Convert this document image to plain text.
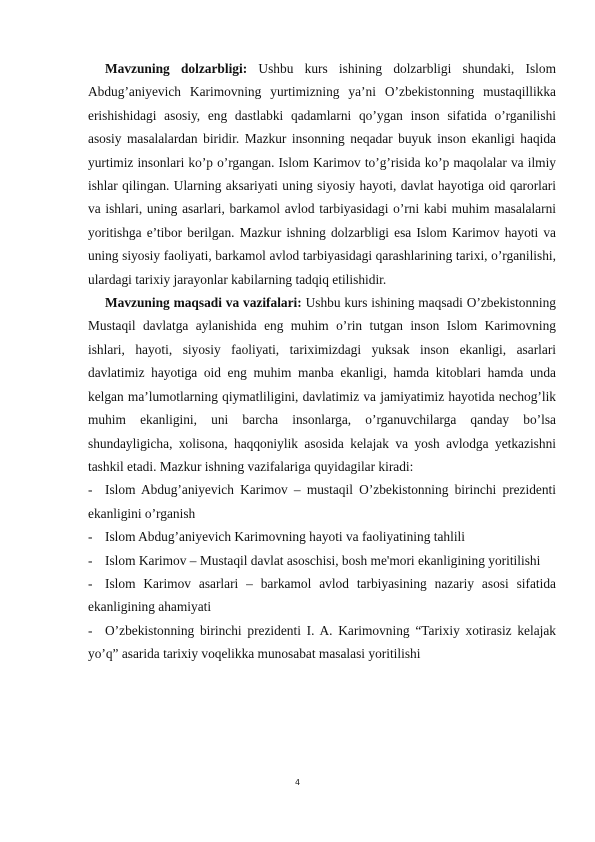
Mavzuning dolzarbligi: Ushbu kurs ishining dolzarbligi shundaki, Islom Abdug’aniyevich Karimovning yurtimizning ya’ni O’zbekistonning mustaqillikka erishishidagi asosiy, eng dastlabki qadamlarni qo’ygan inson sifatida o’rganilishi asosiy masalalardan biridir. Mazkur insonning neqadar buyuk inson ekanligi haqida yurtimiz insonlari ko’p o’rgangan. Islom Karimov to’g’risida ko’p maqolalar va ilmiy ishlar qilingan. Ularning aksariyati uning siyosiy hayoti, davlat hayotiga oid qarorlari va ishlari, uning asarlari, barkamol avlod tarbiyasidagi o’rni kabi muhim masalalarni yoritishga e’tibor berilgan. Mazkur ishning dolzarbligi esa Islom Karimov hayoti va uning siyosiy faoliyati, barkamol avlod tarbiyasidagi qarashlarining tarixi, o’rganilishi, ulardagi tarixiy jarayonlar kabilarning tadqiq etilishidir.

Mavzuning maqsadi va vazifalari: Ushbu kurs ishining maqsadi O’zbekistonning Mustaqil davlatga aylanishida eng muhim o’rin tutgan inson Islom Karimovning ishlari, hayoti, siyosiy faoliyati, tariximizdagi yuksak inson ekanligi, asarlari davlatimiz hayotiga oid eng muhim manba ekanligi, hamda kitoblari hamda unda kelgan ma’lumotlarning qiymatliligini, davlatimiz va jamiyatimiz hayotida nechog’lik muhim ekanligini, uni barcha insonlarga, o’rganuvchilarga qanday bo’lsa shundayligicha, xolisona, haqqoniylik asosida kelajak va yosh avlodga yetkazishni tashkil etadi. Mazkur ishning vazifalariga quyidagilar kiradi:

- Islom Abdug’aniyevich Karimov – mustaqil O’zbekistonning birinchi prezidenti ekanligini o’rganish

- Islom Abdug’aniyevich Karimovning hayoti va faoliyatining tahlili

- Islom Karimov – Mustaqil davlat asoschisi, bosh me'mori ekanligining yoritilishi

- Islom Karimov asarlari – barkamol avlod tarbiyasining nazariy asosi sifatida ekanligining ahamiyati

- O’zbekistonning birinchi prezidenti I. A. Karimovning “Tarixiy xotirasiz kelajak yo’q” asarida tarixiy voqelikka munosabat masalasi yoritilishi

4
